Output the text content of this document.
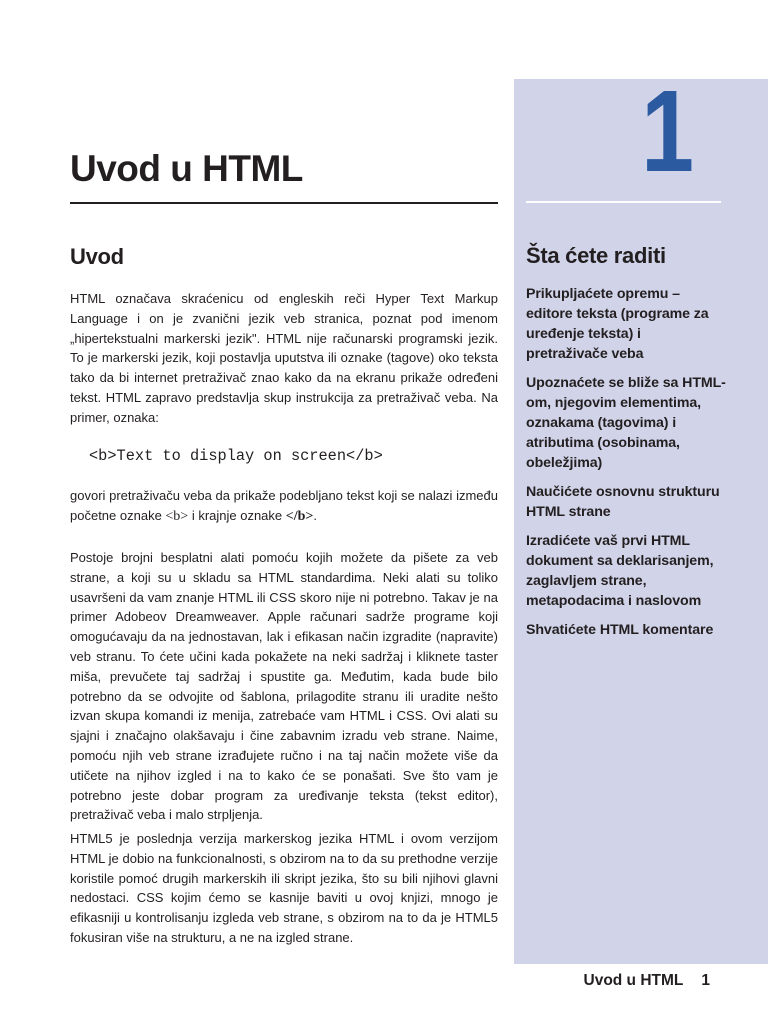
1
Šta ćete raditi
Prikupljaćete opremu – editore teksta (programe za uređenje teksta) i pretraživače veba
Upoznaćete se bliže sa HTML-om, njegovim elementima, oznakama (tagovima) i atributima (osobinama, obeležjima)
Naučićete osnovnu strukturu HTML strane
Izradićete vaš prvi HTML dokument sa deklarisanjem, zaglavljem strane, metapodacima i naslovom
Shvatićete HTML komentare
Uvod u HTML
Uvod

HTML označava skraćenicu od engleskih reči Hyper Text Markup Language i on je zvanični jezik veb stranica, poznat pod imenom „hipertekstualni markerski jezik". HTML nije računarski programski jezik. To je markerski jezik, koji postavlja uputstva ili oznake (tagove) oko teksta tako da bi internet pretraživač znao kako da na ekranu prikaže određeni tekst. HTML zapravo predstavlja skup instrukcija za pretraživač veba. Na primer, oznaka:

<b>Text to display on screen</b>

govori pretraživaču veba da prikaže podebljano tekst koji se nalazi između početne oznake <b> i krajnje oznake </b>.

Postoje brojni besplatni alati pomoću kojih možete da pišete za veb strane, a koji su u skladu sa HTML standardima. Neki alati su toliko usavršeni da vam znanje HTML ili CSS skoro nije ni potrebno. Takav je na primer Adobeov Dreamweaver. Apple računari sadrže programe koji omogućavaju da na jednostavan, lak i efikasan način izgradite (napravite) veb stranu. To ćete učini kada pokažete na neki sadržaj i kliknete taster miša, prevučete taj sadržaj i spustite ga. Međutim, kada bude bilo potrebno da se odvojite od šablona, prilagodite stranu ili uradite nešto izvan skupa komandi iz menija, zatrebaće vam HTML i CSS. Ovi alati su sjajni i značajno olakšavaju i čine zabavnim izradu veb strane. Naime, pomoću njih veb strane izrađujete ručno i na taj način možete više da utičete na njihov izgled i na to kako će se ponašati. Sve što vam je potrebno jeste dobar program za uređivanje teksta (tekst editor), pretraživač veba i malo strpljenja.

HTML5 je poslednja verzija markerskog jezika HTML i ovom verzijom HTML je dobio na funkcionalnosti, s obzirom na to da su prethodne verzije koristile pomoć drugih markerskih ili skript jezika, što su bili njihovi glavni nedostaci. CSS kojim ćemo se kasnije baviti u ovoj knjizi, mnogo je efikasniji u kontrolisanju izgleda veb strane, s obzirom na to da je HTML5 fokusiran više na strukturu, a ne na izgled strane.

Uvod u HTML 1
